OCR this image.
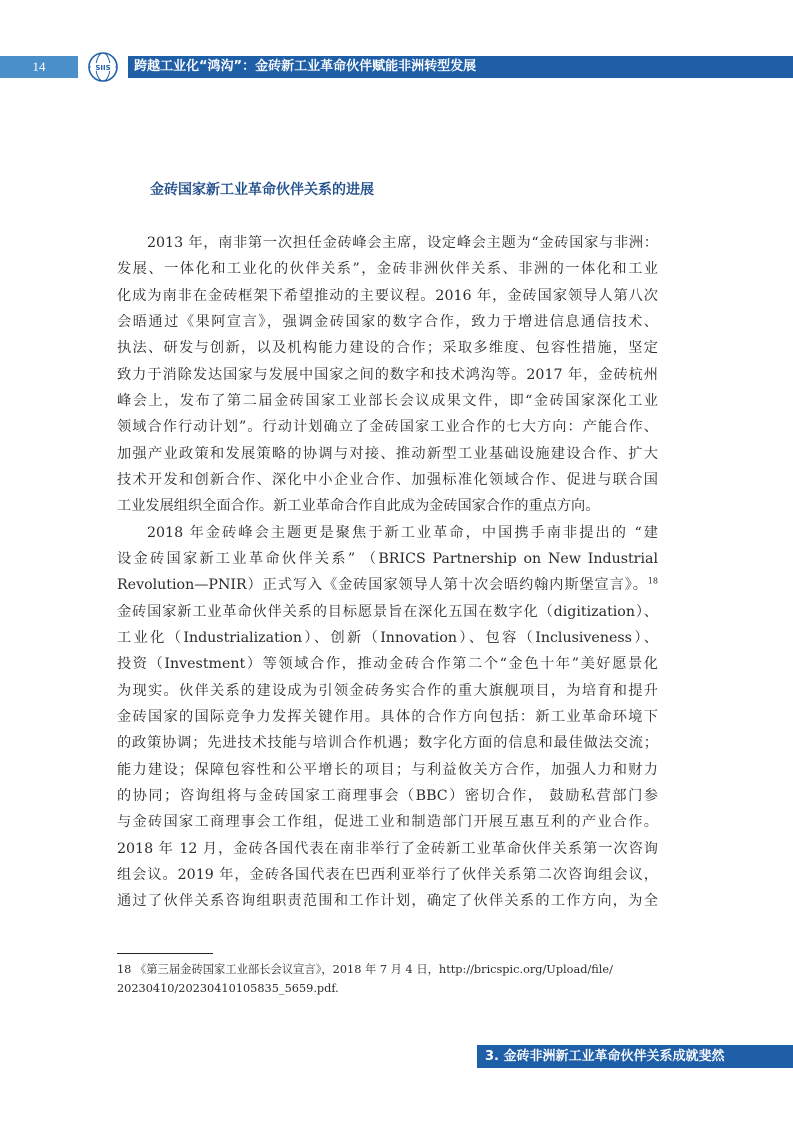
14	SIIS	跨越工业化“鸿沟”：金砖新工业革命伙伴赋能非洲转型发展
金砖国家新工业革命伙伴关系的进展
2013 年，南非第一次担任金砖峰会主席，设定峰会主题为“金砖国家与非洲：
发展、一体化和工业化的伙伴关系”，金砖非洲伙伴关系、非洲的一体化和工业
化成为南非在金砖框架下希望推动的主要议程。2016 年，金砖国家领导人第八次
会晤通过《果阿宣言》，强调金砖国家的数字合作，致力于增进信息通信技术、
执法、研发与创新，以及机构能力建设的合作；采取多维度、包容性措施，坚定
致力于消除发达国家与发展中国家之间的数字和技术鸿沟等。2017 年，金砖杭州
峰会上，发布了第二届金砖国家工业部长会议成果文件，即“金砖国家深化工业
领域合作行动计划”。行动计划确立了金砖国家工业合作的七大方向：产能合作、
加强产业政策和发展策略的协调与对接、推动新型工业基础设施建设合作、扩大
技术开发和创新合作、深化中小企业合作、加强标准化领域合作、促进与联合国
工业发展组织全面合作。新工业革命合作自此成为金砖国家合作的重点方向。
2018 年金砖峰会主题更是聚焦于新工业革命，中国携手南非提出的 “建
设金砖国家新工业革命伙伴关系” （BRICS Partnership on New Industrial
Revolution—PNIR）正式写入《金砖国家领导人第十次会晤约翰内斯堡宣言》。$^{18}$
金砖国家新工业革命伙伴关系的目标愿景旨在深化五国在数字化（digitization）、
工业化（Industrialization）、创新（Innovation）、包容（Inclusiveness）、
投资（Investment）等领域合作，推动金砖合作第二个“金色十年”美好愿景化
为现实。伙伴关系的建设成为引领金砖务实合作的重大旗舰项目，为培育和提升
金砖国家的国际竞争力发挥关键作用。具体的合作方向包括：新工业革命环境下
的政策协调；先进技术技能与培训合作机遇；数字化方面的信息和最佳做法交流；
能力建设；保障包容性和公平增长的项目；与利益攸关方合作，加强人力和财力
的协同；咨询组将与金砖国家工商理事会（BBC）密切合作， 鼓励私营部门参
与金砖国家工商理事会工作组，促进工业和制造部门开展互惠互利的产业合作。
2018 年 12 月，金砖各国代表在南非举行了金砖新工业革命伙伴关系第一次咨询
组会议。2019 年，金砖各国代表在巴西利亚举行了伙伴关系第二次咨询组会议，
通过了伙伴关系咨询组职责范围和工作计划，确定了伙伴关系的工作方向，为全
18 《第三届金砖国家工业部长会议宣言》，2018 年 7 月 4 日，http://bricspic.org/Upload/file/
20230410/20230410105835_5659.pdf.
3. 金砖非洲新工业革命伙伴关系成就斐然
